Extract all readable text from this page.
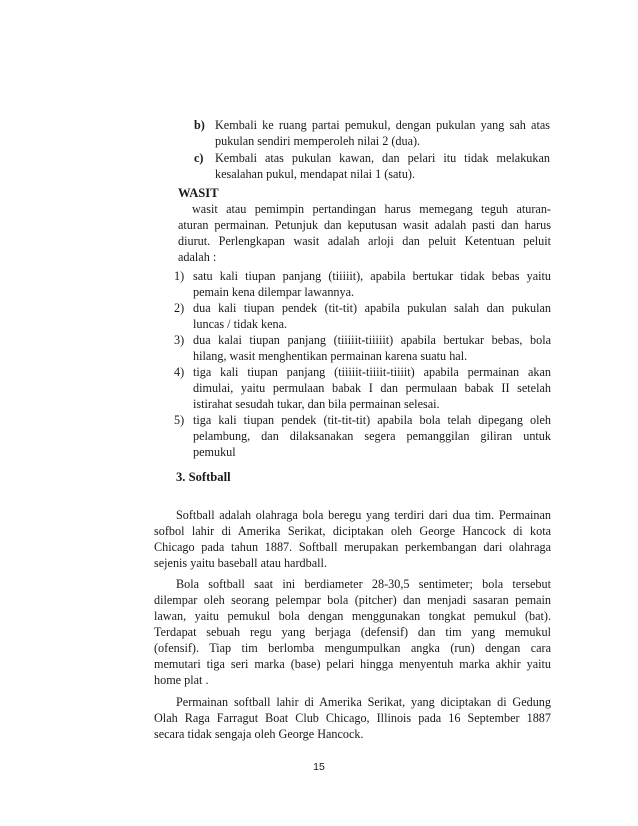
b) Kembali ke ruang partai pemukul, dengan pukulan yang sah atas
pukulan sendiri memperoleh nilai 2 (dua).
c) Kembali atas pukulan kawan, dan pelari itu tidak melakukan
kesalahan pukul, mendapat nilai 1 (satu).
WASIT
wasit atau pemimpin pertandingan harus memegang teguh aturan-
aturan permainan. Petunjuk dan keputusan wasit adalah pasti dan harus
diurut. Perlengkapan wasit adalah arloji dan peluit Ketentuan peluit
adalah :
1) satu kali tiupan panjang (tiiiiit), apabila bertukar tidak bebas yaitu
pemain kena dilempar lawannya.
2) dua kali tiupan pendek (tit-tit) apabila pukulan salah dan pukulan
luncas / tidak kena.
3) dua kalai tiupan panjang (tiiiiit-tiiiiit) apabila bertukar bebas, bola
hilang, wasit menghentikan permainan karena suatu hal.
4) tiga kali tiupan panjang (tiiiiit-tiiiit-tiiiit) apabila permainan akan
dimulai, yaitu permulaan babak I dan permulaan babak II setelah
istirahat sesudah tukar, dan bila permainan selesai.
5) tiga kali tiupan pendek (tit-tit-tit) apabila bola telah dipegang oleh
pelambung, dan dilaksanakan segera pemanggilan giliran untuk
pemukul
3. Softball
Softball adalah olahraga bola beregu yang terdiri dari dua tim. Permainan
sofbol lahir di Amerika Serikat, diciptakan oleh George Hancock di kota
Chicago pada tahun 1887. Softball merupakan perkembangan dari olahraga
sejenis yaitu baseball atau hardball.
Bola softball saat ini berdiameter 28-30,5 sentimeter; bola tersebut
dilempar oleh seorang pelempar bola (pitcher) dan menjadi sasaran pemain
lawan, yaitu pemukul bola dengan menggunakan tongkat pemukul (bat).
Terdapat sebuah regu yang berjaga (defensif) dan tim yang memukul
(ofensif). Tiap tim berlomba mengumpulkan angka (run) dengan cara
memutari tiga seri marka (base) pelari hingga menyentuh marka akhir yaitu
home plat .
Permainan softball lahir di Amerika Serikat, yang diciptakan di Gedung
Olah Raga Farragut Boat Club Chicago, Illinois pada 16 September 1887
secara tidak sengaja oleh George Hancock.
15
